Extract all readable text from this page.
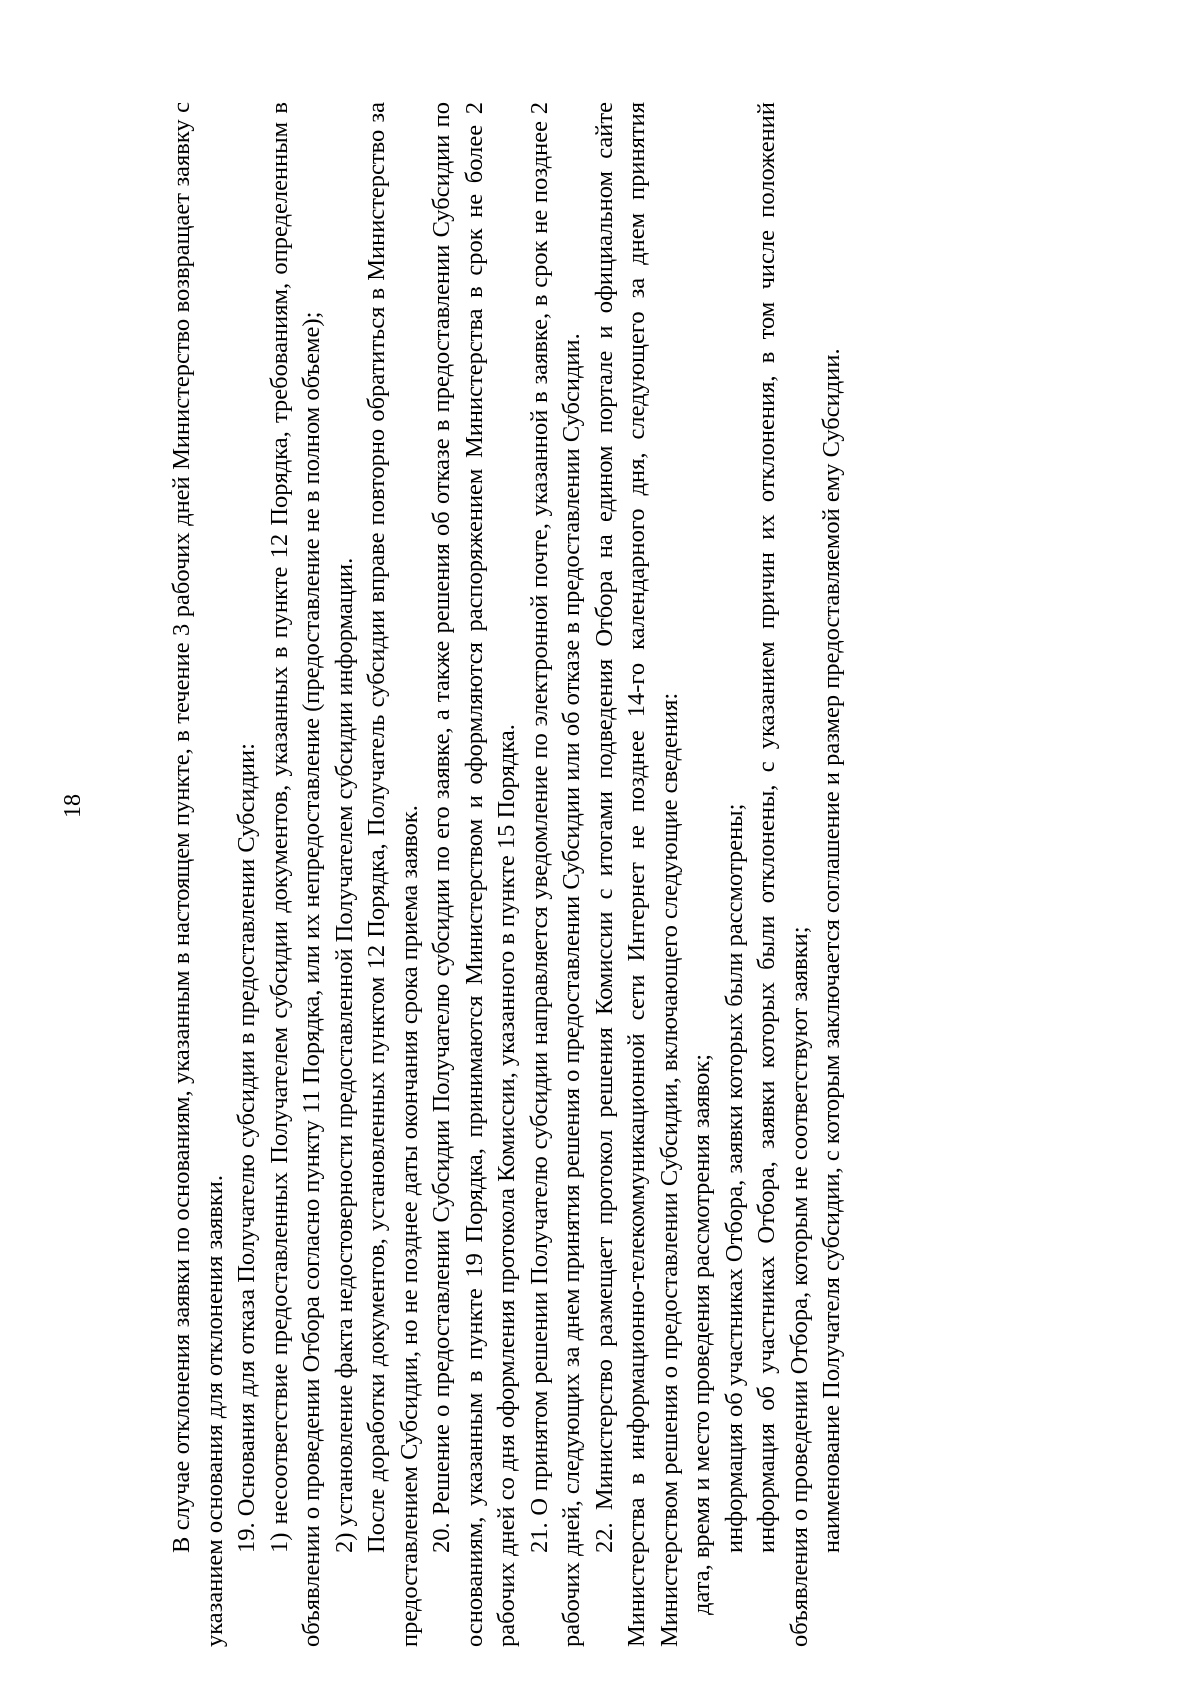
18	В случае отклонения заявки по основаниям, указанным в настоящем пункте, в течение 3 рабочих дней Министерство возвращает заявку с указанием основания для отклонения заявки. 19. Основания для отказа Получателю субсидии в предоставлении Субсидии: 1) несоответствие предоставленных Получателем субсидии документов, указанных в пункте 12 Порядка, требованиям, определенным в объявлении о проведении Отбора согласно пункту 11 Порядка, или их непредоставление (предоставление не в полном объеме); 2) установление факта недостоверности предоставленной Получателем субсидии информации. После доработки документов, установленных пунктом 12 Порядка, Получатель субсидии вправе повторно обратиться в Министерство за предоставлением Субсидии, но не позднее даты окончания срока приема заявок. 20. Решение о предоставлении Субсидии Получателю субсидии по его заявке, а также решения об отказе в предоставлении Субсидии по основаниям, указанным в пункте 19 Порядка, принимаются Министерством и оформляются распоряжением Министерства в срок не более 2 рабочих дней со дня оформления протокола Комиссии, указанного в пункте 15 Порядка. 21. О принятом решении Получателю субсидии направляется уведомление по электронной почте, указанной в заявке, в срок не позднее 2 рабочих дней, следующих за днем принятия решения о предоставлении Субсидии или об отказе в предоставлении Субсидии. 22. Министерство размещает протокол решения Комиссии с итогами подведения Отбора на едином портале и официальном сайте Министерства в информационно-телекоммуникационной сети Интернет не позднее 14-го календарного дня, следующего за днем принятия Министерством решения о предоставлении Субсидии, включающего следующие сведения: дата, время и место проведения рассмотрения заявок; информация об участниках Отбора, заявки которых были рассмотрены; информация об участниках Отбора, заявки которых были отклонены, с указанием причин их отклонения, в том числе положений объявления о проведении Отбора, которым не соответствуют заявки; наименование Получателя субсидии, с которым заключается соглашение и размер предоставляемой ему Субсидии.
